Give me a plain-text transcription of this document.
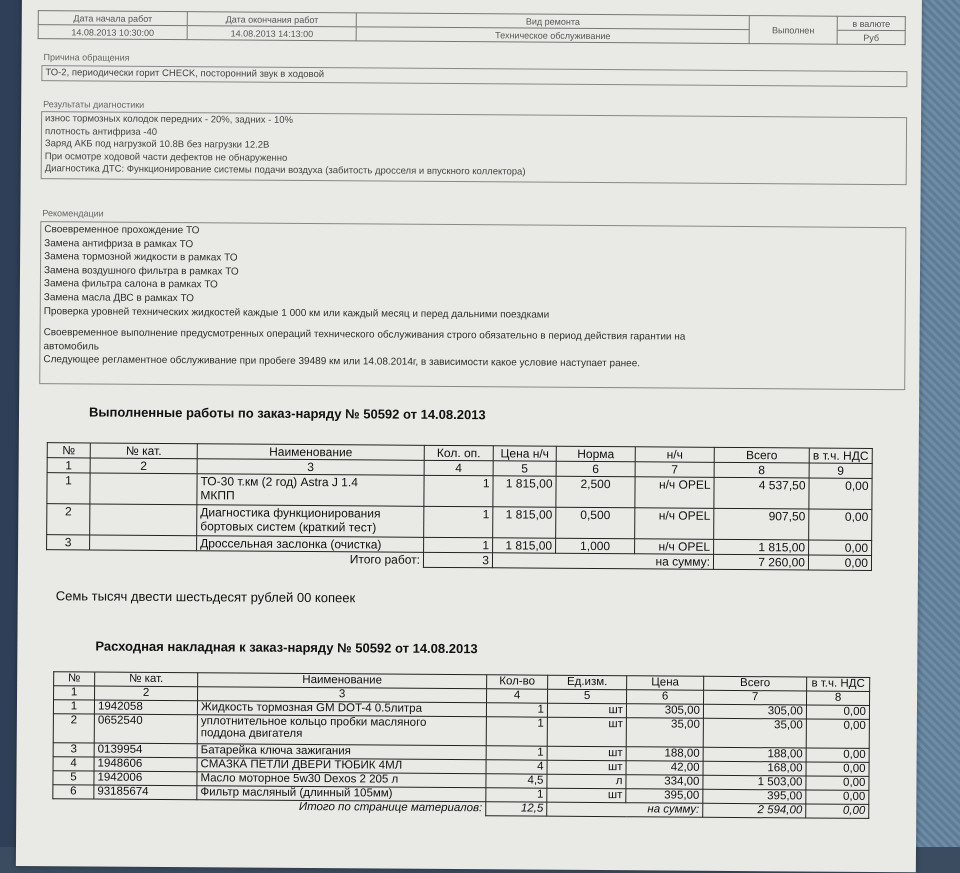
Дата начала работ	Дата окончания работ	Вид ремонта	Выполнен	в валюте
14.08.2013 10:30:00	14.08.2013 14:13:00	Техническое обслуживание		Руб
Причина обращения
ТО-2, периодически горит CHECK, посторонний звук в ходовой
Результаты диагностики
износ тормозных колодок передних - 20%, задних - 10%
плотность антифриза -40
Заряд АКБ под нагрузкой 10.8В без нагрузки 12.2В
При осмотре ходовой части дефектов не обнаруженно
Диагностика ДТС: Функционирование системы подачи воздуха (забитость дросселя и впускного коллектора)
Рекомендации
Своевременное прохождение ТО
Замена антифриза в рамках ТО
Замена тормозной жидкости в рамках ТО
Замена воздушного фильтра в рамках ТО
Замена фильтра салона в рамках ТО
Замена масла ДВС в рамках ТО
Проверка уровней технических жидкостей каждые 1 000 км или каждый месяц и перед дальними поездками
Своевременное выполнение предусмотренных операций технического обслуживания строго обязательно в период действия гарантии на
автомобиль
Следующее регламентное обслуживание при пробеге 39489 км или 14.08.2014г, в зависимости какое условие наступает ранее.
Выполненные работы по заказ-наряду № 50592 от 14.08.2013
№	№ кат.	Наименование	Кол. оп.	Цена н/ч	Норма	н/ч	Всего	в т.ч. НДС
1	2	3	4	5	6	7	8	9
1		ТО-30 т.км (2 год) Astra J 1.4
МКПП	1	1 815,00	2,500	н/ч OPEL	4 537,50	0,00
2		Диагностика функционирования
бортовых систем (краткий тест)	1	1 815,00	0,500	н/ч OPEL	907,50	0,00
3		Дроссельная заслонка (очистка)	1	1 815,00	1,000	н/ч OPEL	1 815,00	0,00
Итого работ:			3	на сумму:			7 260,00	0,00
Семь тысяч двести шестьдесят рублей 00 копеек
Расходная накладная к заказ-наряду № 50592 от 14.08.2013
№	№ кат.	Наименование	Кол-во	Ед.изм.	Цена	Всего	в т.ч. НДС
1	2	3	4	5	6	7	8
1	1942058	Жидкость тормозная GM DOT-4 0.5литра	1	шт	305,00	305,00	0,00
2	0652540	уплотнительное кольцо пробки масляного
поддона двигателя	1	шт	35,00	35,00	0,00
3	0139954	Батарейка ключа зажигания	1	шт	188,00	188,00	0,00
4	1948606	СМАЗКА ПЕТЛИ ДВЕРИ ТЮБИК 4МЛ	4	шт	42,00	168,00	0,00
5	1942006	Масло моторное 5w30 Dexos 2 205 л	4,5	л	334,00	1 503,00	0,00
6	93185674	Фильтр масляный (длинный 105мм)	1	шт	395,00	395,00	0,00
Итого по странице материалов:			12,5	на сумму:		2 594,00	0,00
